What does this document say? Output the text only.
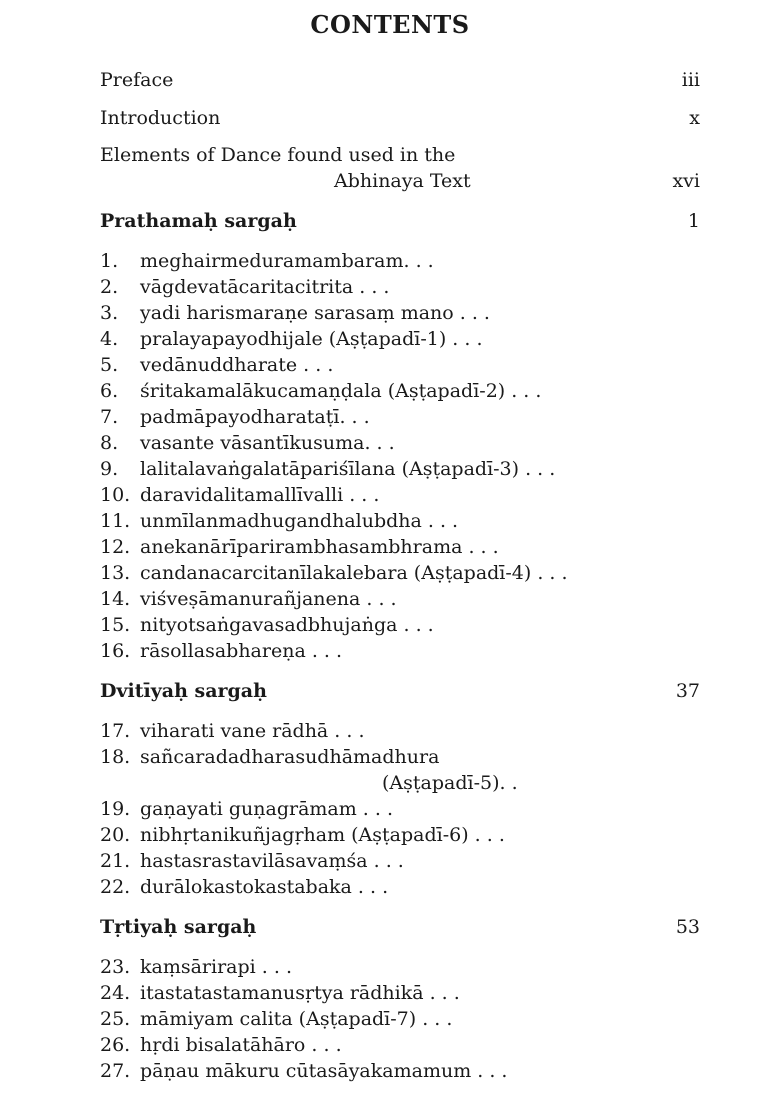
CONTENTS
Preface	iii
Introduction	x
Elements of Dance found used in the
Abhinaya Text	xvi
Prathamaḥ sargaḥ	1
1. meghairmeduramambaram. . .
2. vāgdevatācaritacitrita . . .
3. yadi harismaraṇe sarasaṃ mano . . .
4. pralayapayodhijale (Aṣṭapadī-1) . . .
5. vedānuddharate . . .
6. śritakamalākucamaṇḍala (Aṣṭapadī-2) . . .
7. padmāpayodharataṭī. . .
8. vasante vāsantīkusuma. . .
9. lalitalavaṅgalatāpariśīlana (Aṣṭapadī-3) . . .
10. daravidalitamallīvalli . . .
11. unmīlanmadhugandhalubdha . . .
12. anekanārīparirambhasambhrama . . .
13. candanacarcitanīlakalebara (Aṣṭapadī-4) . . .
14. viśveṣāmanurañjanena . . .
15. nityotsaṅgavasadbhujaṅga . . .
16. rāsollasabhareṇa . . .
Dvitīyaḥ sargaḥ	37
17. viharati vane rādhā . . .
18. sañcaradadharasudhāmadhura
(Aṣṭapadī-5). .
19. gaṇayati guṇagrāmam . . .
20. nibhṛtanikuñjagṛham (Aṣṭapadī-6) . . .
21. hastasrastavilāsavaṃśa . . .
22. durālokastokastabaka . . .
Tṛtiyaḥ sargaḥ	53
23. kaṃsārirapi . . .
24. itastatastamanusṛtya rādhikā . . .
25. māmiyam calita (Aṣṭapadī-7) . . .
26. hṛdi bisalatāhāro . . .
27. pāṇau mākuru cūtasāyakamamum . . .
